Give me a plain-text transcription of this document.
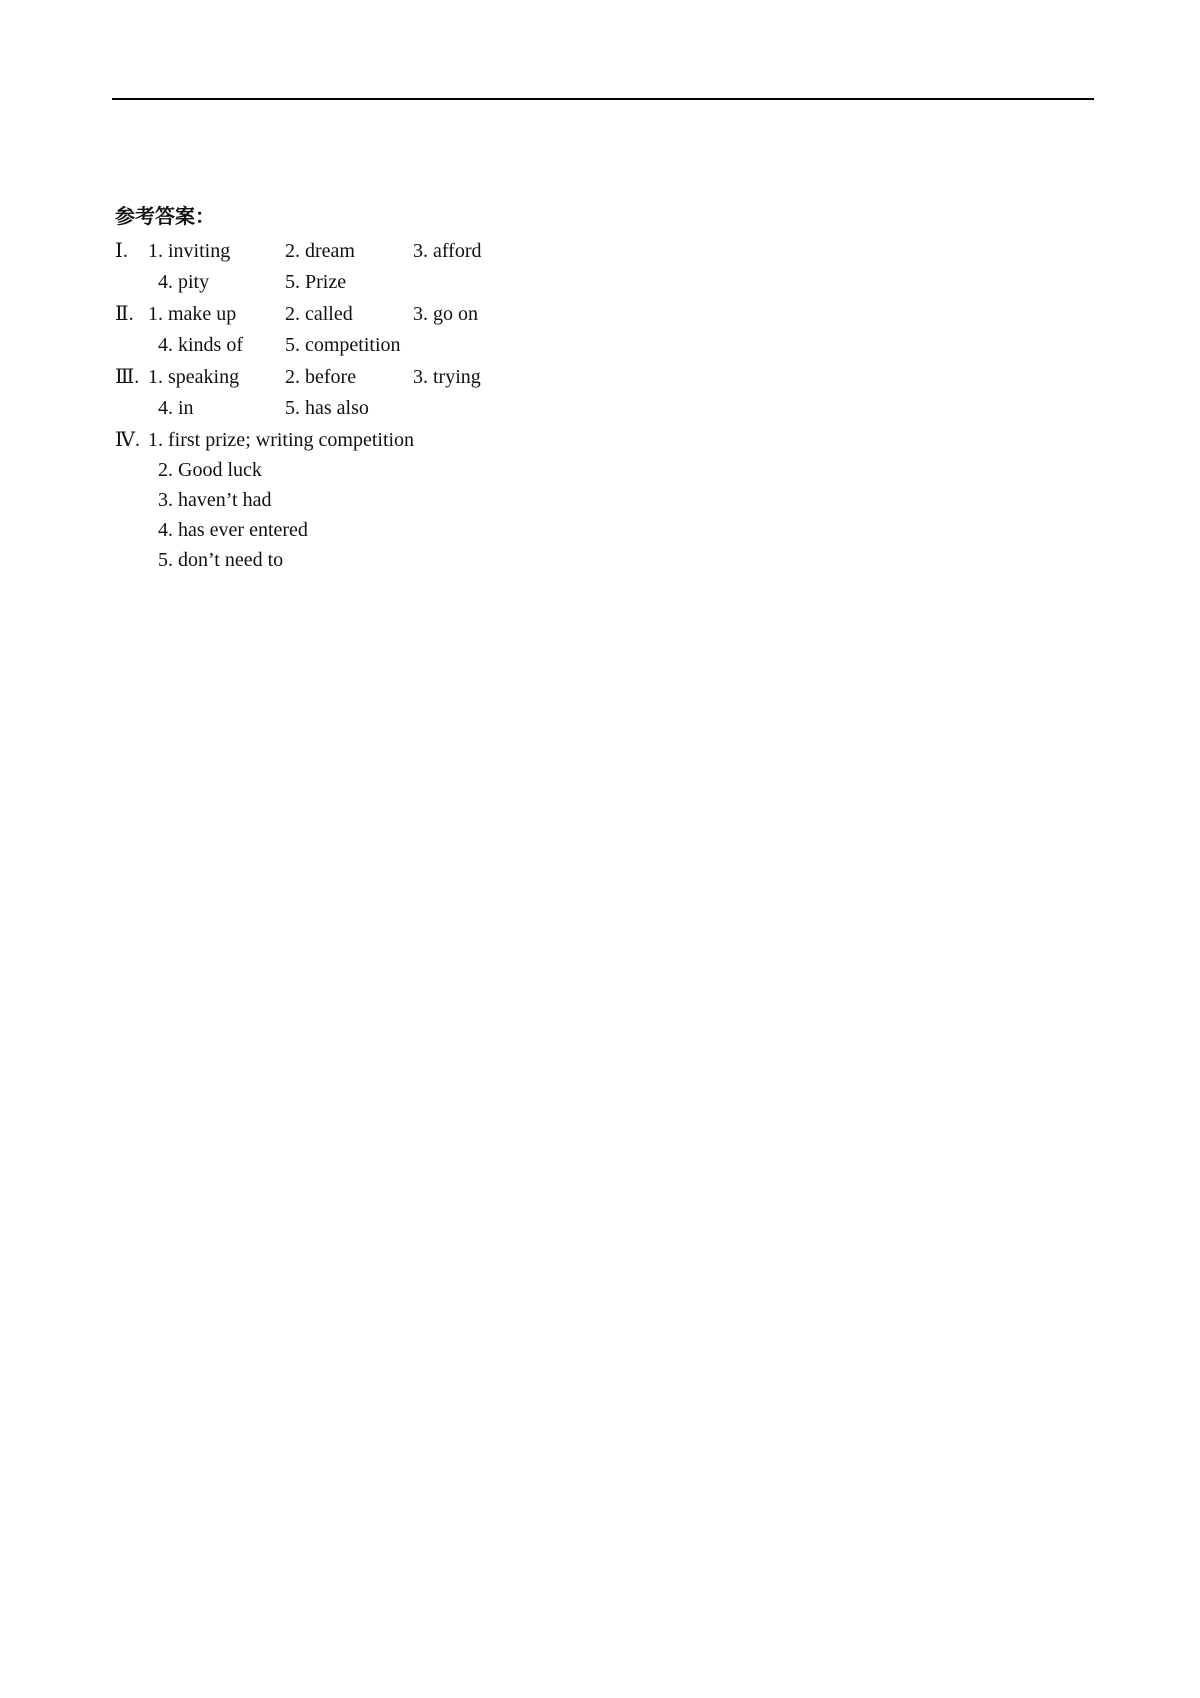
参考答案：
Ⅰ. 1. inviting	2. dream	3. afford
4. pity	5. Prize
Ⅱ. 1. make up 2. called	3. go on
4. kinds of 5. competition
Ⅲ. 1. speaking 2. before	3. trying
4. in	5. has also
Ⅳ. 1. first prize; writing competition
2. Good luck
3. haven’t had
4. has ever entered
5. don’t need to
